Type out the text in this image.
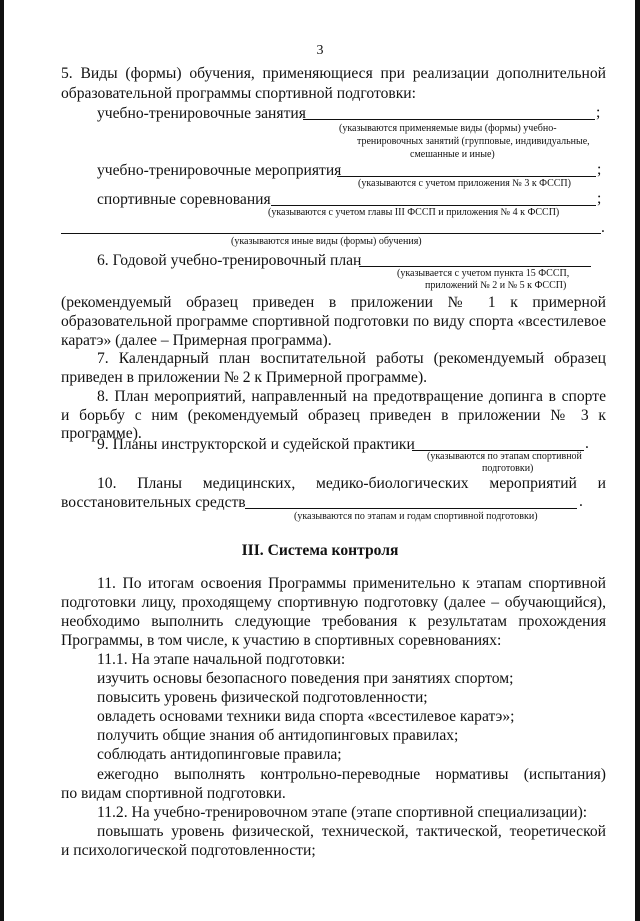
3
5. Виды (формы) обучения, применяющиеся при реализации дополнительной
образовательной программы спортивной подготовки:
учебно-тренировочные занятия	;
(указываются применяемые виды (формы) учебно-
тренировочных занятий (групповые, индивидуальные,
смешанные и иные)
учебно-тренировочные мероприятия	;
(указываются с учетом приложения № 3 к ФССП)
спортивные соревнования	;
(указываются с учетом главы III ФССП и приложения № 4 к ФССП)
.
(указываются иные виды (формы) обучения)
6. Годовой учебно-тренировочный план
(указывается с учетом пункта 15 ФССП,
приложений № 2 и № 5 к ФССП)
(рекомендуемый образец приведен в приложении № 1 к примерной
образовательной программе спортивной подготовки по виду спорта «всестилевое
каратэ» (далее – Примерная программа).
7. Календарный план воспитательной работы (рекомендуемый образец
приведен в приложении № 2 к Примерной программе).
8. План мероприятий, направленный на предотвращение допинга в спорте
и борьбу с ним (рекомендуемый образец приведен в приложении № 3 к
программе).
9. Планы инструкторской и судейской практики	.
(указываются по этапам спортивной
подготовки)
10. Планы медицинских, медико-биологических мероприятий и
восстановительных средств	.
(указываются по этапам и годам спортивной подготовки)
III. Система контроля
11. По итогам освоения Программы применительно к этапам спортивной
подготовки лицу, проходящему спортивную подготовку (далее – обучающийся),
необходимо выполнить следующие требования к результатам прохождения
Программы, в том числе, к участию в спортивных соревнованиях:
11.1. На этапе начальной подготовки:
изучить основы безопасного поведения при занятиях спортом;
повысить уровень физической подготовленности;
овладеть основами техники вида спорта «всестилевое каратэ»;
получить общие знания об антидопинговых правилах;
соблюдать антидопинговые правила;
ежегодно выполнять контрольно-переводные нормативы (испытания)
по видам спортивной подготовки.
11.2. На учебно-тренировочном этапе (этапе спортивной специализации):
повышать уровень физической, технической, тактической, теоретической
и психологической подготовленности;
